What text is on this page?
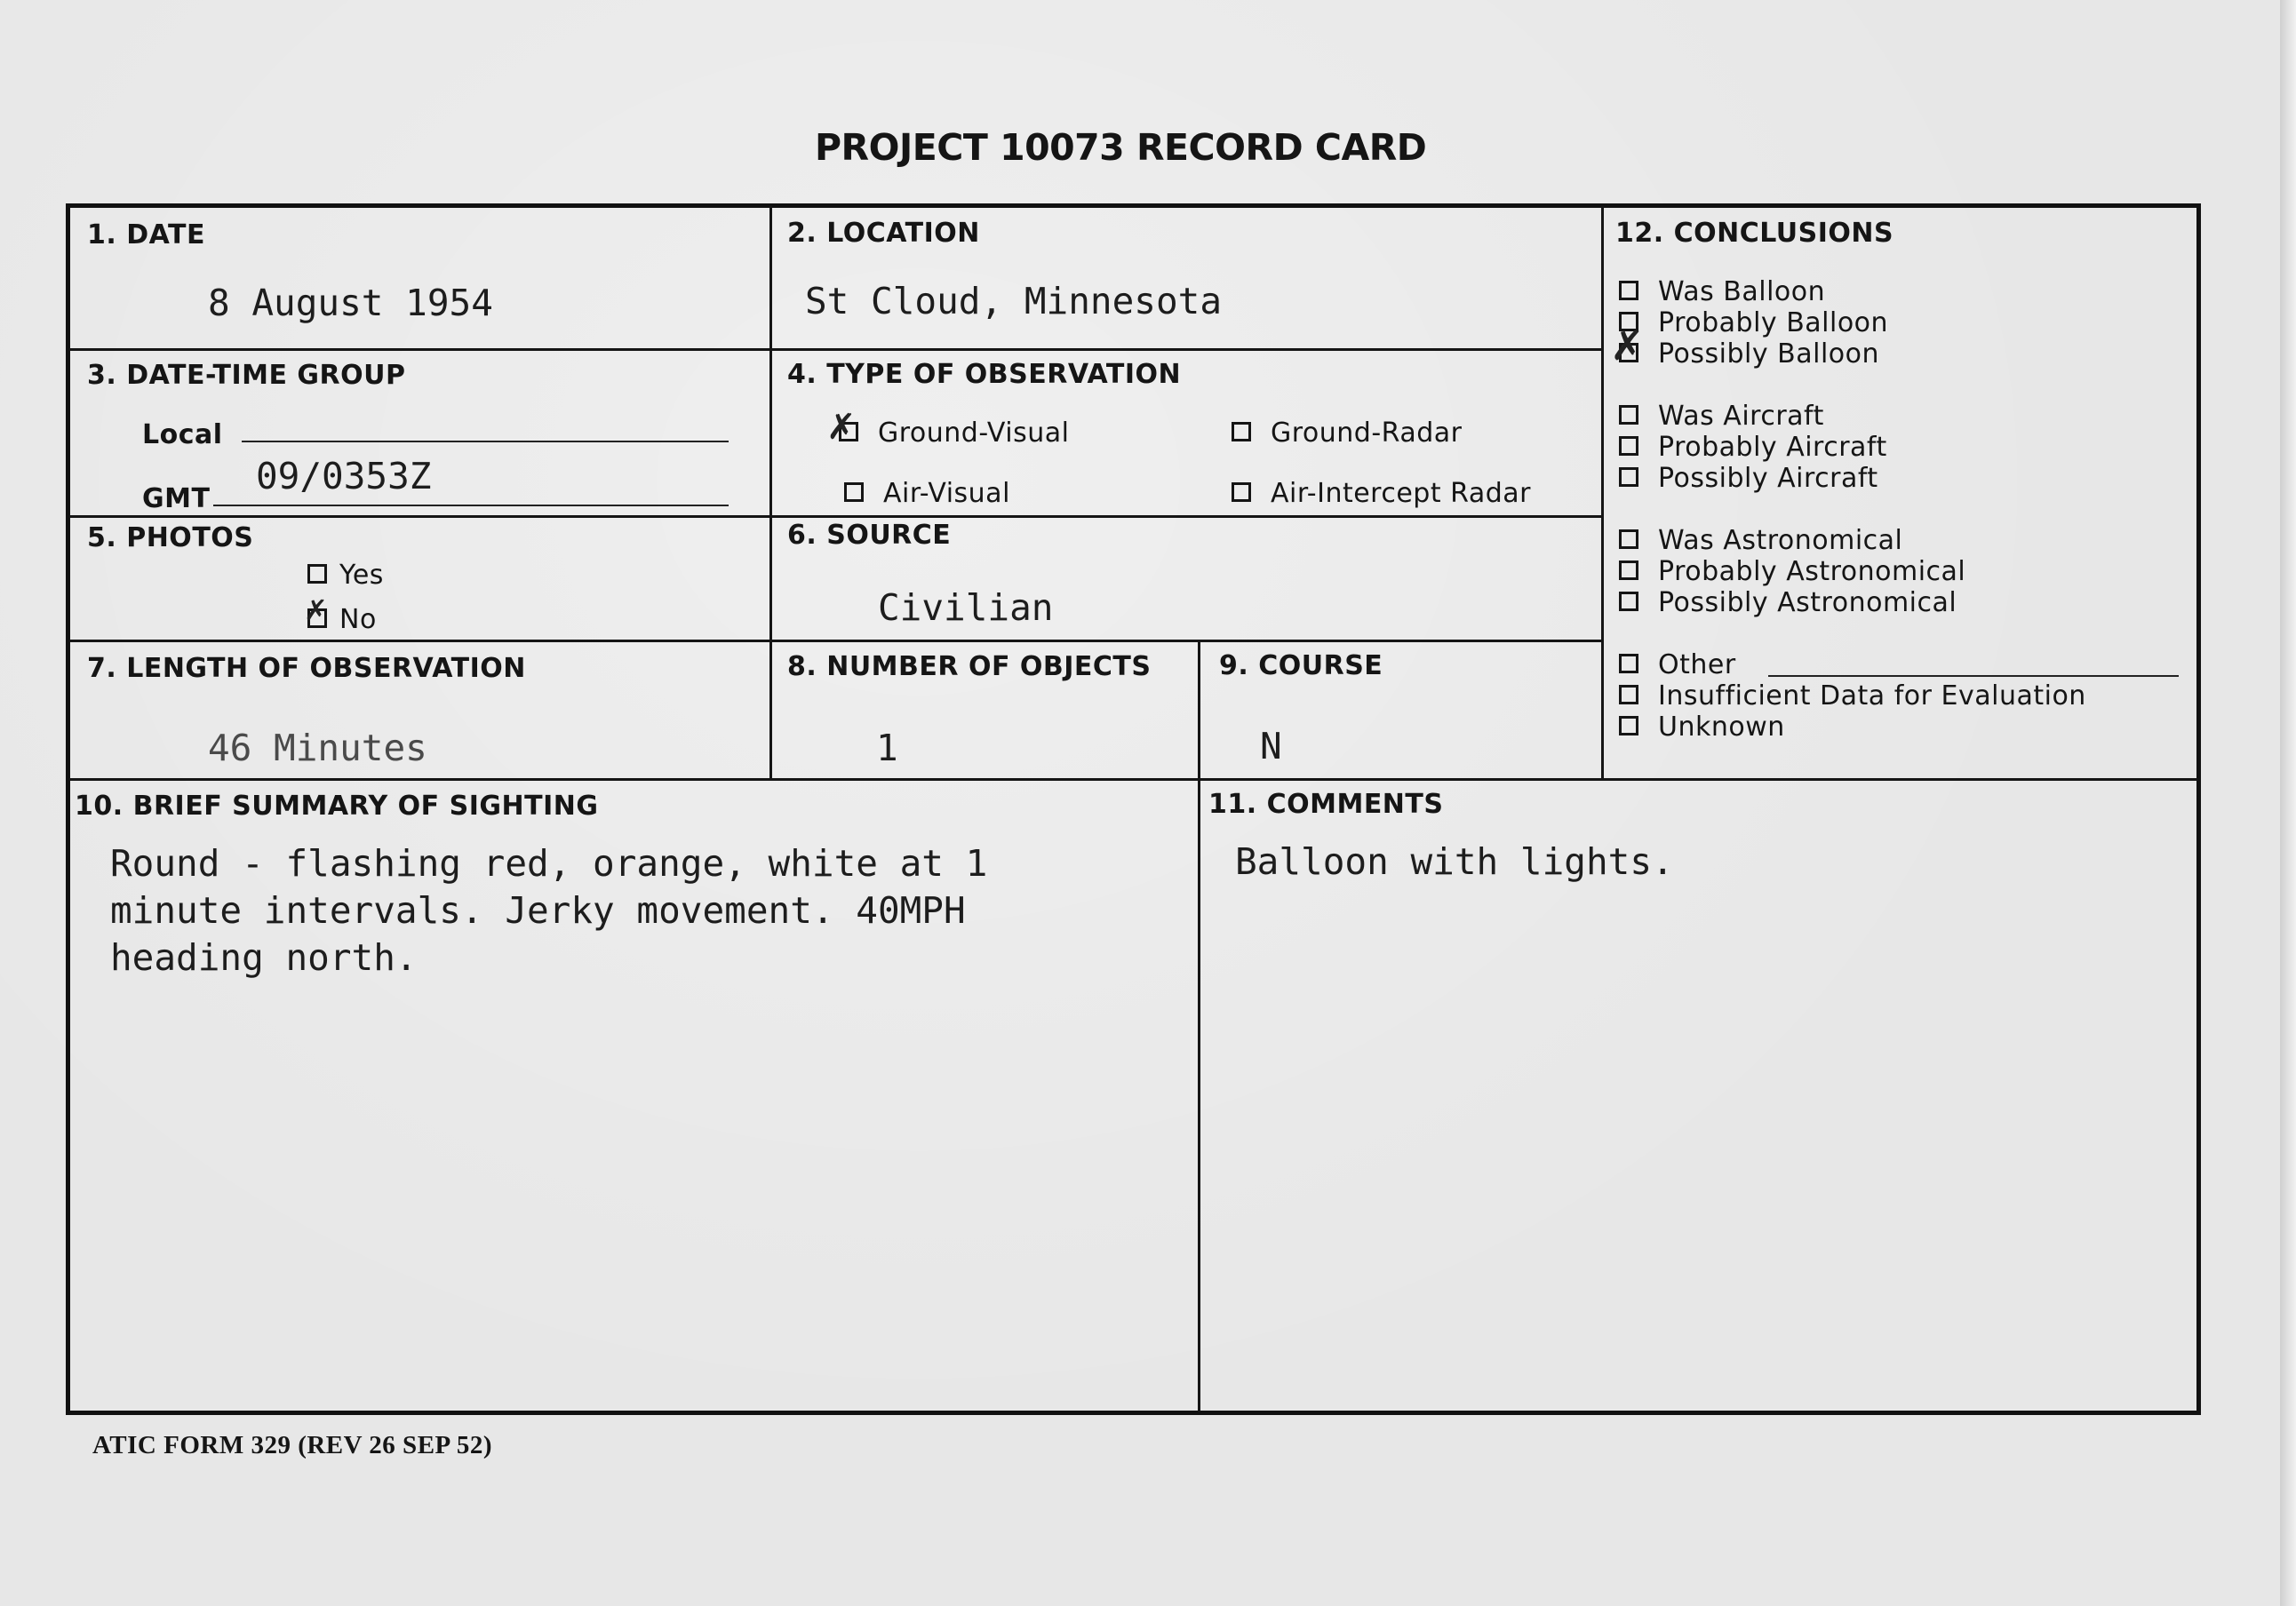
PROJECT 10073 RECORD CARD
1. DATE
8 August 1954
2. LOCATION
St Cloud, Minnesota
3. DATE-TIME GROUP
Local
GMT
09/0353Z
4. TYPE OF OBSERVATION
Ground-Visual
✗	Ground-Radar
Air-Visual	Air-Intercept Radar
5. PHOTOS
Yes
No
✗
6. SOURCE
Civilian
7. LENGTH OF OBSERVATION
46 Minutes
8. NUMBER OF OBJECTS
1
9. COURSE
N
10. BRIEF SUMMARY OF SIGHTING
Round - flashing red, orange, white at 1
minute intervals. Jerky movement. 40MPH
heading north.
11. COMMENTS
Balloon with lights.
12. CONCLUSIONS
Was Balloon
Probably Balloon
Possibly Balloon
✗
Was Aircraft
Probably Aircraft
Possibly Aircraft
Was Astronomical
Probably Astronomical
Possibly Astronomical
Other
Insufficient Data for Evaluation
Unknown
ATIC FORM 329 (REV 26 SEP 52)
